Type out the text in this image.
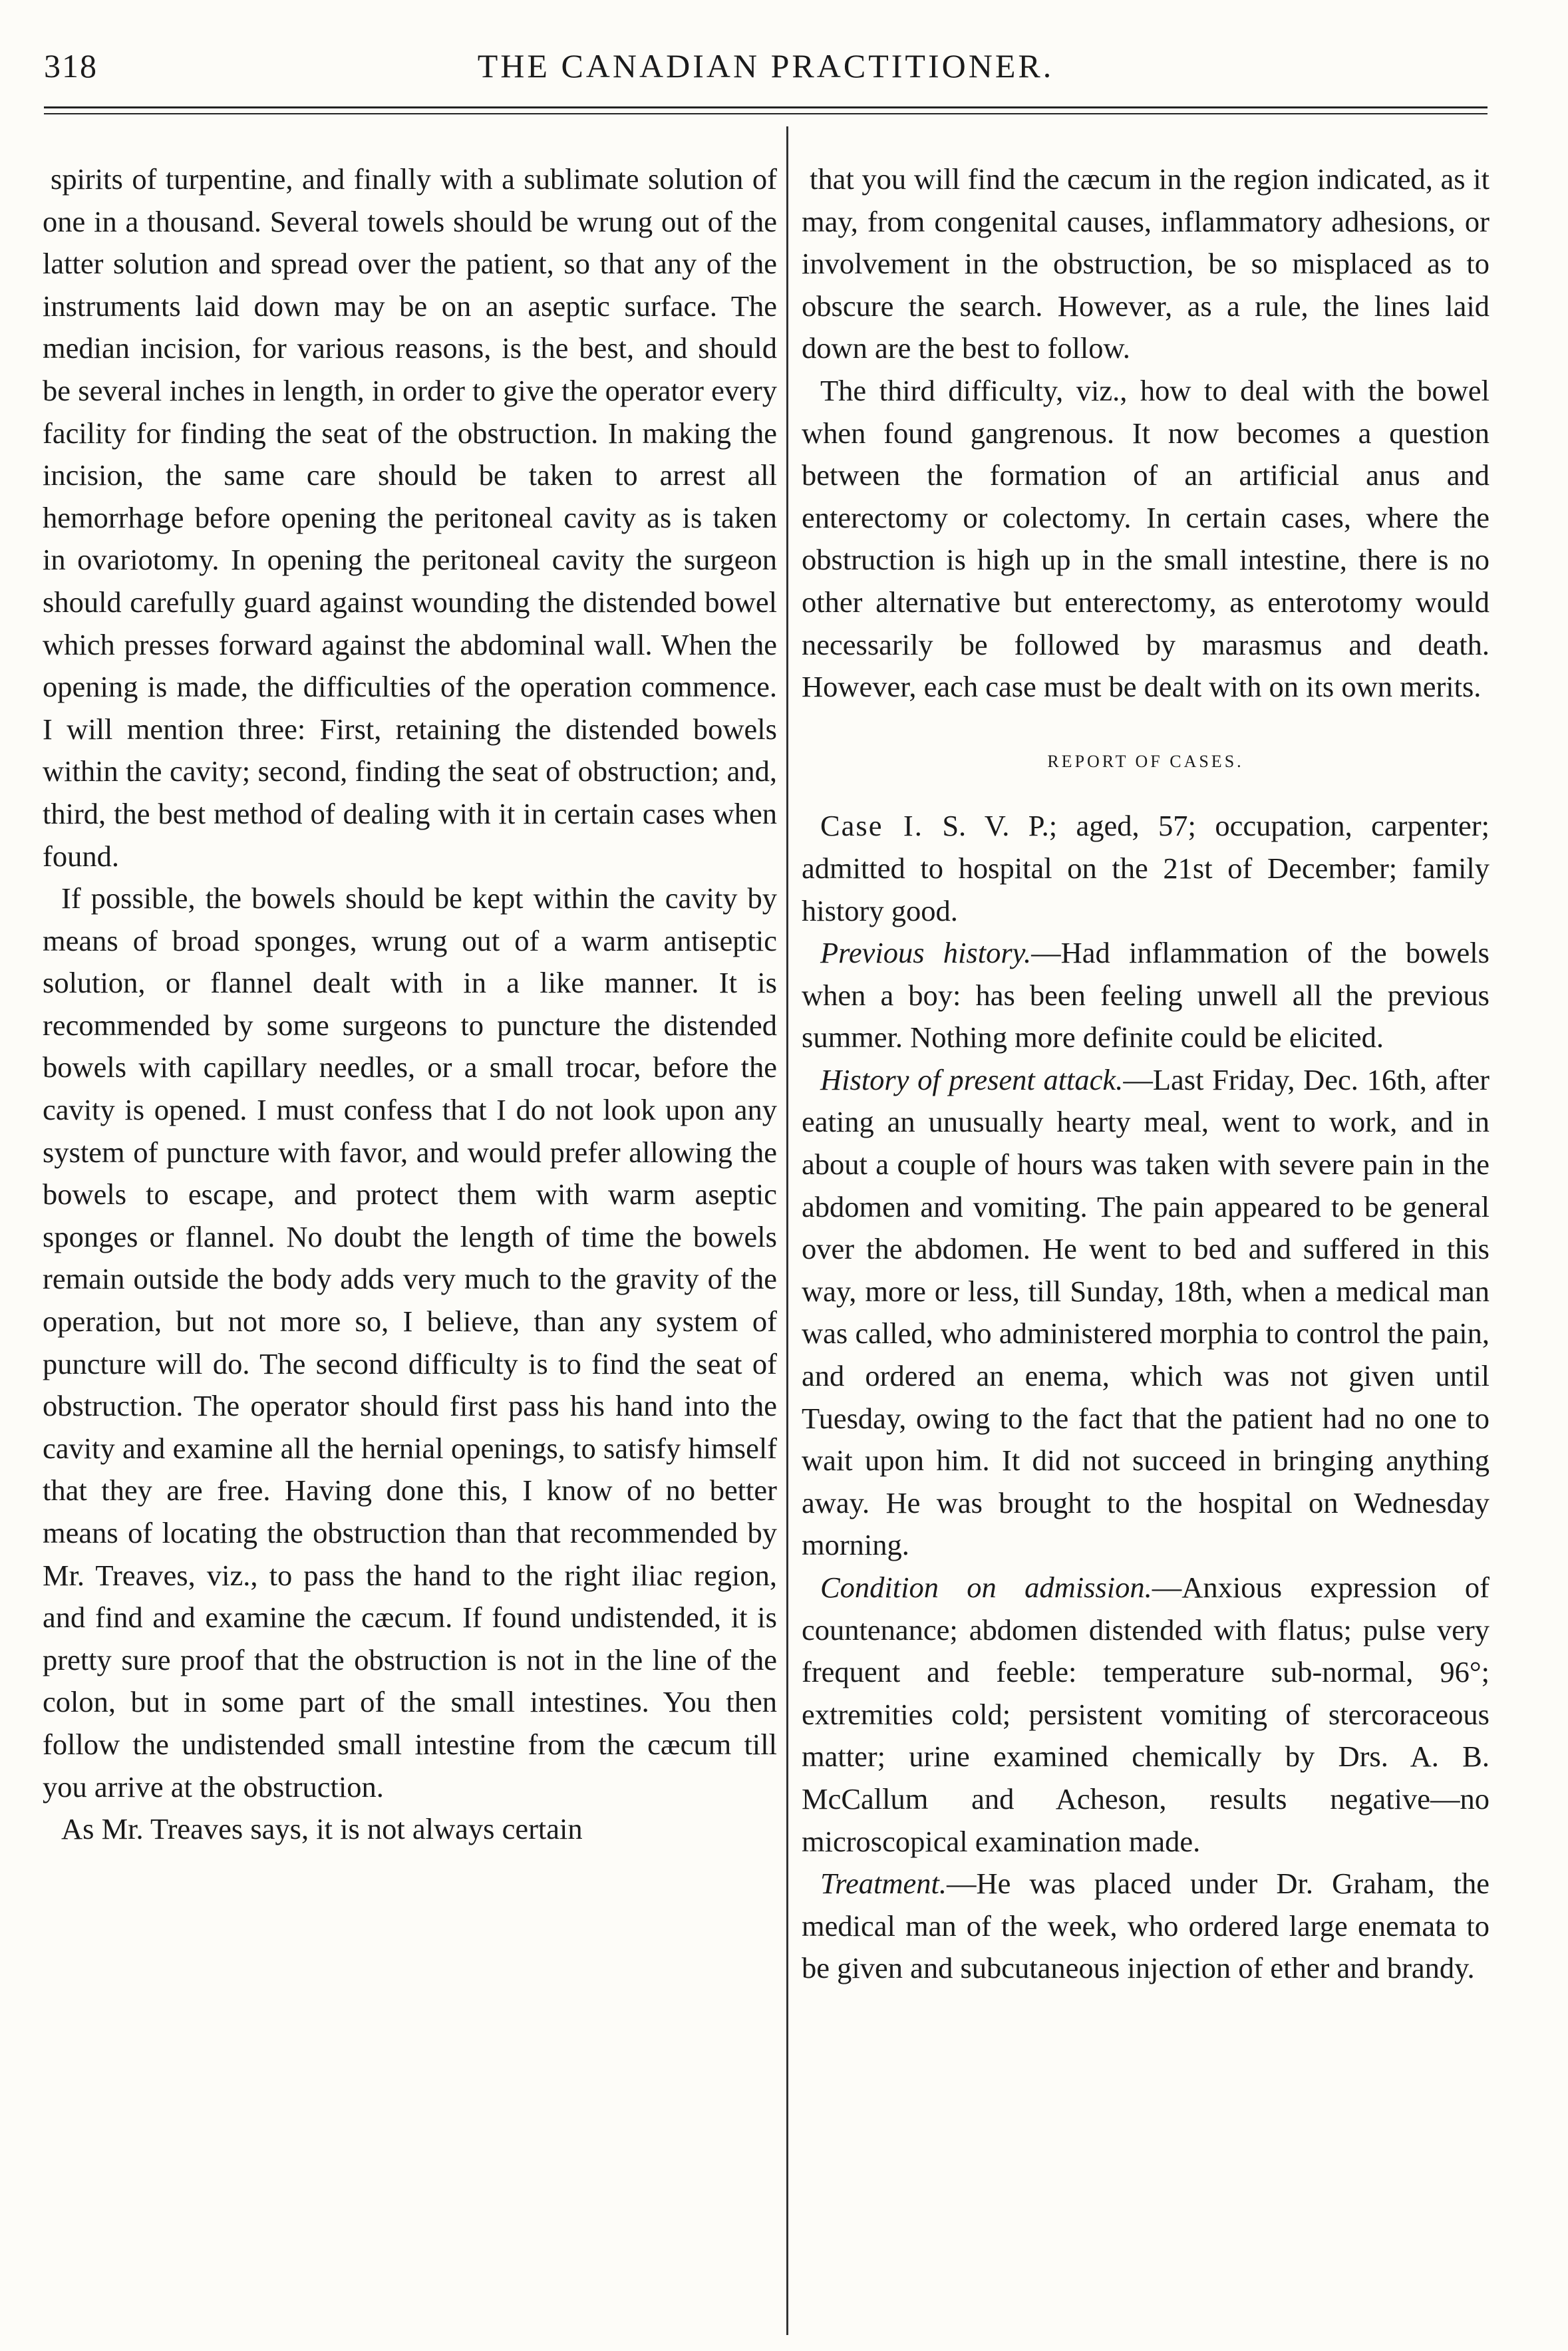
318	THE CANADIAN PRACTITIONER.

spirits of turpentine, and finally with a sublimate solution of one in a thousand. Several towels should be wrung out of the latter solution and spread over the patient, so that any of the instruments laid down may be on an aseptic surface. The median incision, for various reasons, is the best, and should be several inches in length, in order to give the operator every facility for finding the seat of the obstruction. In making the incision, the same care should be taken to arrest all hemorrhage before opening the peritoneal cavity as is taken in ovariotomy. In opening the peritoneal cavity the surgeon should carefully guard against wounding the distended bowel which presses forward against the abdominal wall. When the opening is made, the difficulties of the operation commence. I will mention three: First, retaining the distended bowels within the cavity; second, finding the seat of obstruction; and, third, the best method of dealing with it in certain cases when found.

If possible, the bowels should be kept within the cavity by means of broad sponges, wrung out of a warm antiseptic solution, or flannel dealt with in a like manner. It is recommended by some surgeons to puncture the distended bowels with capillary needles, or a small trocar, before the cavity is opened. I must confess that I do not look upon any system of puncture with favor, and would prefer allowing the bowels to escape, and protect them with warm aseptic sponges or flannel. No doubt the length of time the bowels remain outside the body adds very much to the gravity of the operation, but not more so, I believe, than any system of puncture will do. The second difficulty is to find the seat of obstruction. The operator should first pass his hand into the cavity and examine all the hernial openings, to satisfy himself that they are free. Having done this, I know of no better means of locating the obstruction than that recommended by Mr. Treaves, viz., to pass the hand to the right iliac region, and find and examine the cæcum. If found undistended, it is pretty sure proof that the obstruction is not in the line of the colon, but in some part of the small intestines. You then follow the undistended small intestine from the cæcum till you arrive at the obstruction.

As Mr. Treaves says, it is not always certain

that you will find the cæcum in the region indicated, as it may, from congenital causes, inflammatory adhesions, or involvement in the obstruction, be so misplaced as to obscure the search. However, as a rule, the lines laid down are the best to follow.

The third difficulty, viz., how to deal with the bowel when found gangrenous. It now becomes a question between the formation of an artificial anus and enterectomy or colectomy. In certain cases, where the obstruction is high up in the small intestine, there is no other alternative but enterectomy, as enterotomy would necessarily be followed by marasmus and death. However, each case must be dealt with on its own merits.

REPORT OF CASES.

Case I. S. V. P.; aged, 57; occupation, carpenter; admitted to hospital on the 21st of December; family history good.

Previous history.—Had inflammation of the bowels when a boy: has been feeling unwell all the previous summer. Nothing more definite could be elicited.

History of present attack.—Last Friday, Dec. 16th, after eating an unusually hearty meal, went to work, and in about a couple of hours was taken with severe pain in the abdomen and vomiting. The pain appeared to be general over the abdomen. He went to bed and suffered in this way, more or less, till Sunday, 18th, when a medical man was called, who administered morphia to control the pain, and ordered an enema, which was not given until Tuesday, owing to the fact that the patient had no one to wait upon him. It did not succeed in bringing anything away. He was brought to the hospital on Wednesday morning.

Condition on admission.—Anxious expression of countenance; abdomen distended with flatus; pulse very frequent and feeble: temperature sub-normal, 96°; extremities cold; persistent vomiting of stercoraceous matter; urine examined chemically by Drs. A. B. McCallum and Acheson, results negative—no microscopical examination made.

Treatment.—He was placed under Dr. Graham, the medical man of the week, who ordered large enemata to be given and subcutaneous injection of ether and brandy.
